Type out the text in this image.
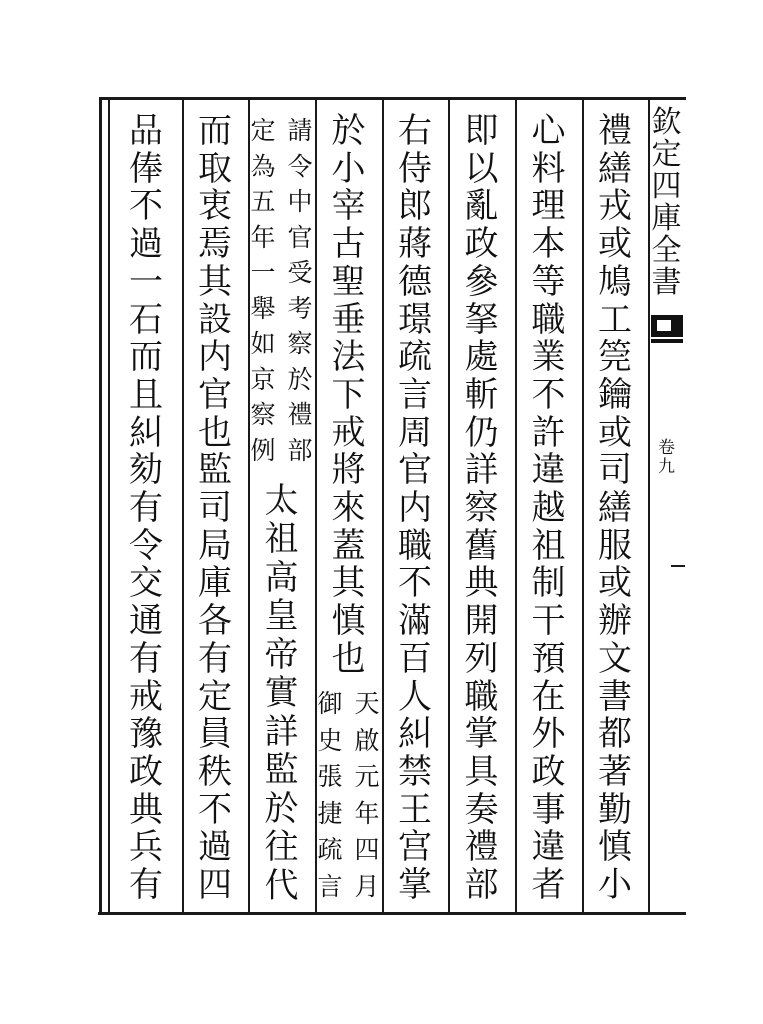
欽定四庫全書
卷九
禮繕戎或鳩工筦鑰或司繕服或辦文書都著勤慎小
心料理本等職業不許違越祖制干預在外政事違者
即以亂政參拏處斬仍詳察舊典開列職掌具奏禮部
右侍郎蔣德璟疏言周官内職不滿百人糾禁王宫掌
於小宰古聖垂法下戒將來蓋其慎也
御史張捷疏言
天啟元年四月
定為五年一舉如京察例
請令中官受考察於禮部
太祖高皇帝實詳監於往代
而取衷焉其設内官也監司局庫各有定員秩不過四
品俸不過一石而且糾劾有令交通有戒豫政典兵有
